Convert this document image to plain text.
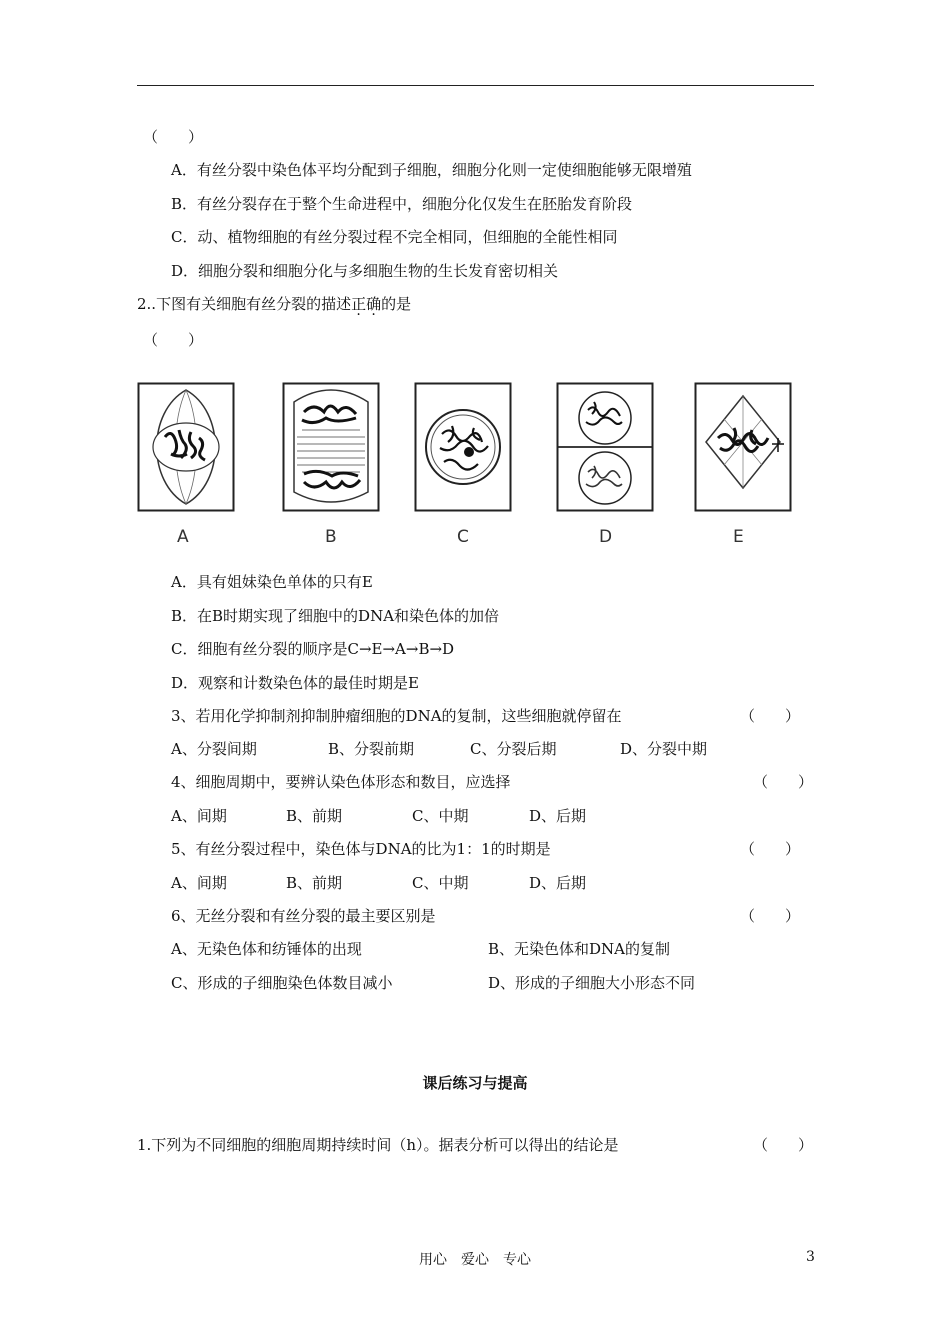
（　　）
A．有丝分裂中染色体平均分配到子细胞，细胞分化则一定使细胞能够无限增殖
B．有丝分裂存在于整个生命进程中，细胞分化仅发生在胚胎发育阶段
C．动、植物细胞的有丝分裂过程不完全相同，但细胞的全能性相同
D．细胞分裂和细胞分化与多细胞生物的生长发育密切相关
2..下图有关细胞有丝分裂的描述正确的是
（　　）
A	B	C	D	E
A．具有姐妹染色单体的只有E
B．在B时期实现了细胞中的DNA和染色体的加倍
C．细胞有丝分裂的顺序是C→E→A→B→D
D．观察和计数染色体的最佳时期是E
3、若用化学抑制剂抑制肿瘤细胞的DNA的复制，这些细胞就停留在	（　　）
A、分裂间期	B、分裂前期	C、分裂后期	D、分裂中期
4、细胞周期中，要辨认染色体形态和数目，应选择	（　　）
A、间期	B、前期	C、中期	D、后期
5、有丝分裂过程中，染色体与DNA的比为1：1的时期是	（　　）
A、间期	B、前期	C、中期	D、后期
6、无丝分裂和有丝分裂的最主要区别是	（　　）
A、无染色体和纺锤体的出现	B、无染色体和DNA的复制
C、形成的子细胞染色体数目减小	D、形成的子细胞大小形态不同
课后练习与提高
1.下列为不同细胞的细胞周期持续时间（h）。据表分析可以得出的结论是	（　　）
用心　爱心　专心	3
